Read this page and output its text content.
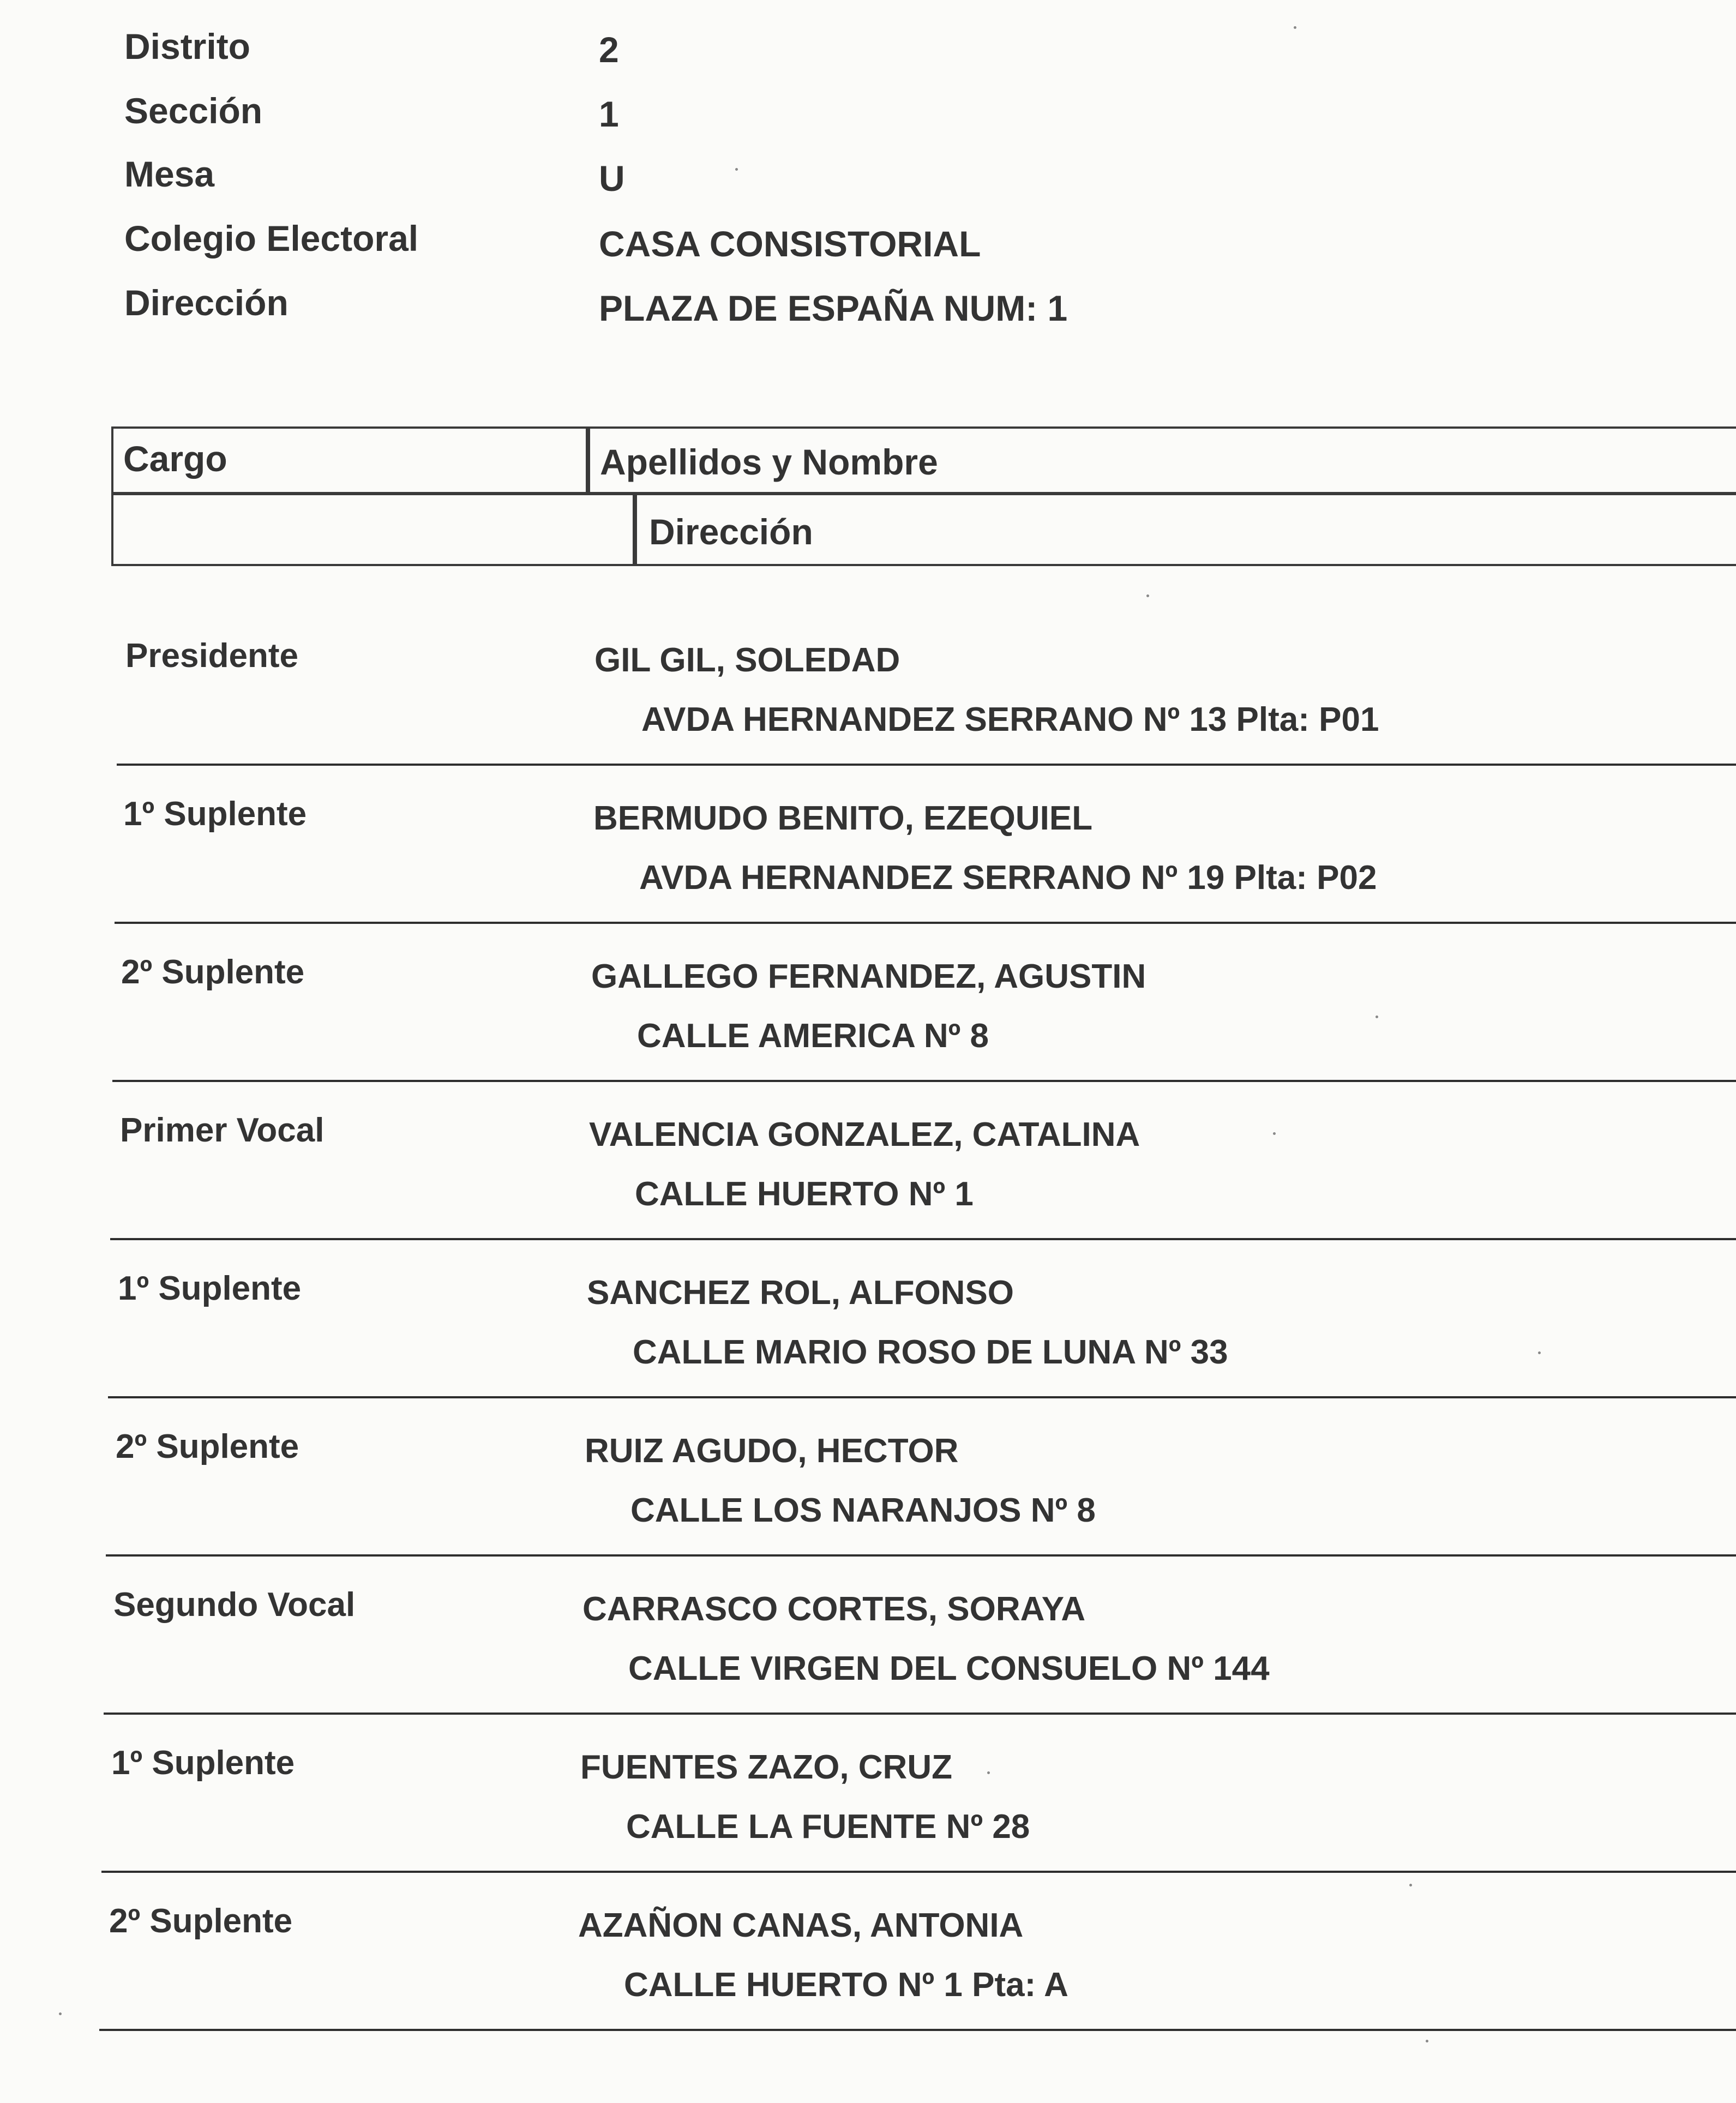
Distrito	2
Sección	1
Mesa	U
Colegio Electoral	CASA CONSISTORIAL
Dirección	PLAZA DE ESPAÑA NUM: 1
Cargo	Apellidos y Nombre
Dirección
Presidente	GIL GIL, SOLEDAD
AVDA HERNANDEZ SERRANO Nº 13 Plta: P01
1º Suplente	BERMUDO BENITO, EZEQUIEL
AVDA HERNANDEZ SERRANO Nº 19 Plta: P02
2º Suplente	GALLEGO FERNANDEZ, AGUSTIN
CALLE AMERICA Nº 8
Primer Vocal	VALENCIA GONZALEZ, CATALINA
CALLE HUERTO Nº 1
1º Suplente	SANCHEZ ROL, ALFONSO
CALLE MARIO ROSO DE LUNA Nº 33
2º Suplente	RUIZ AGUDO, HECTOR
CALLE LOS NARANJOS Nº 8
Segundo Vocal	CARRASCO CORTES, SORAYA
CALLE VIRGEN DEL CONSUELO Nº 144
1º Suplente	FUENTES ZAZO, CRUZ
CALLE LA FUENTE Nº 28
2º Suplente	AZAÑON CANAS, ANTONIA
CALLE HUERTO Nº 1 Pta: A
